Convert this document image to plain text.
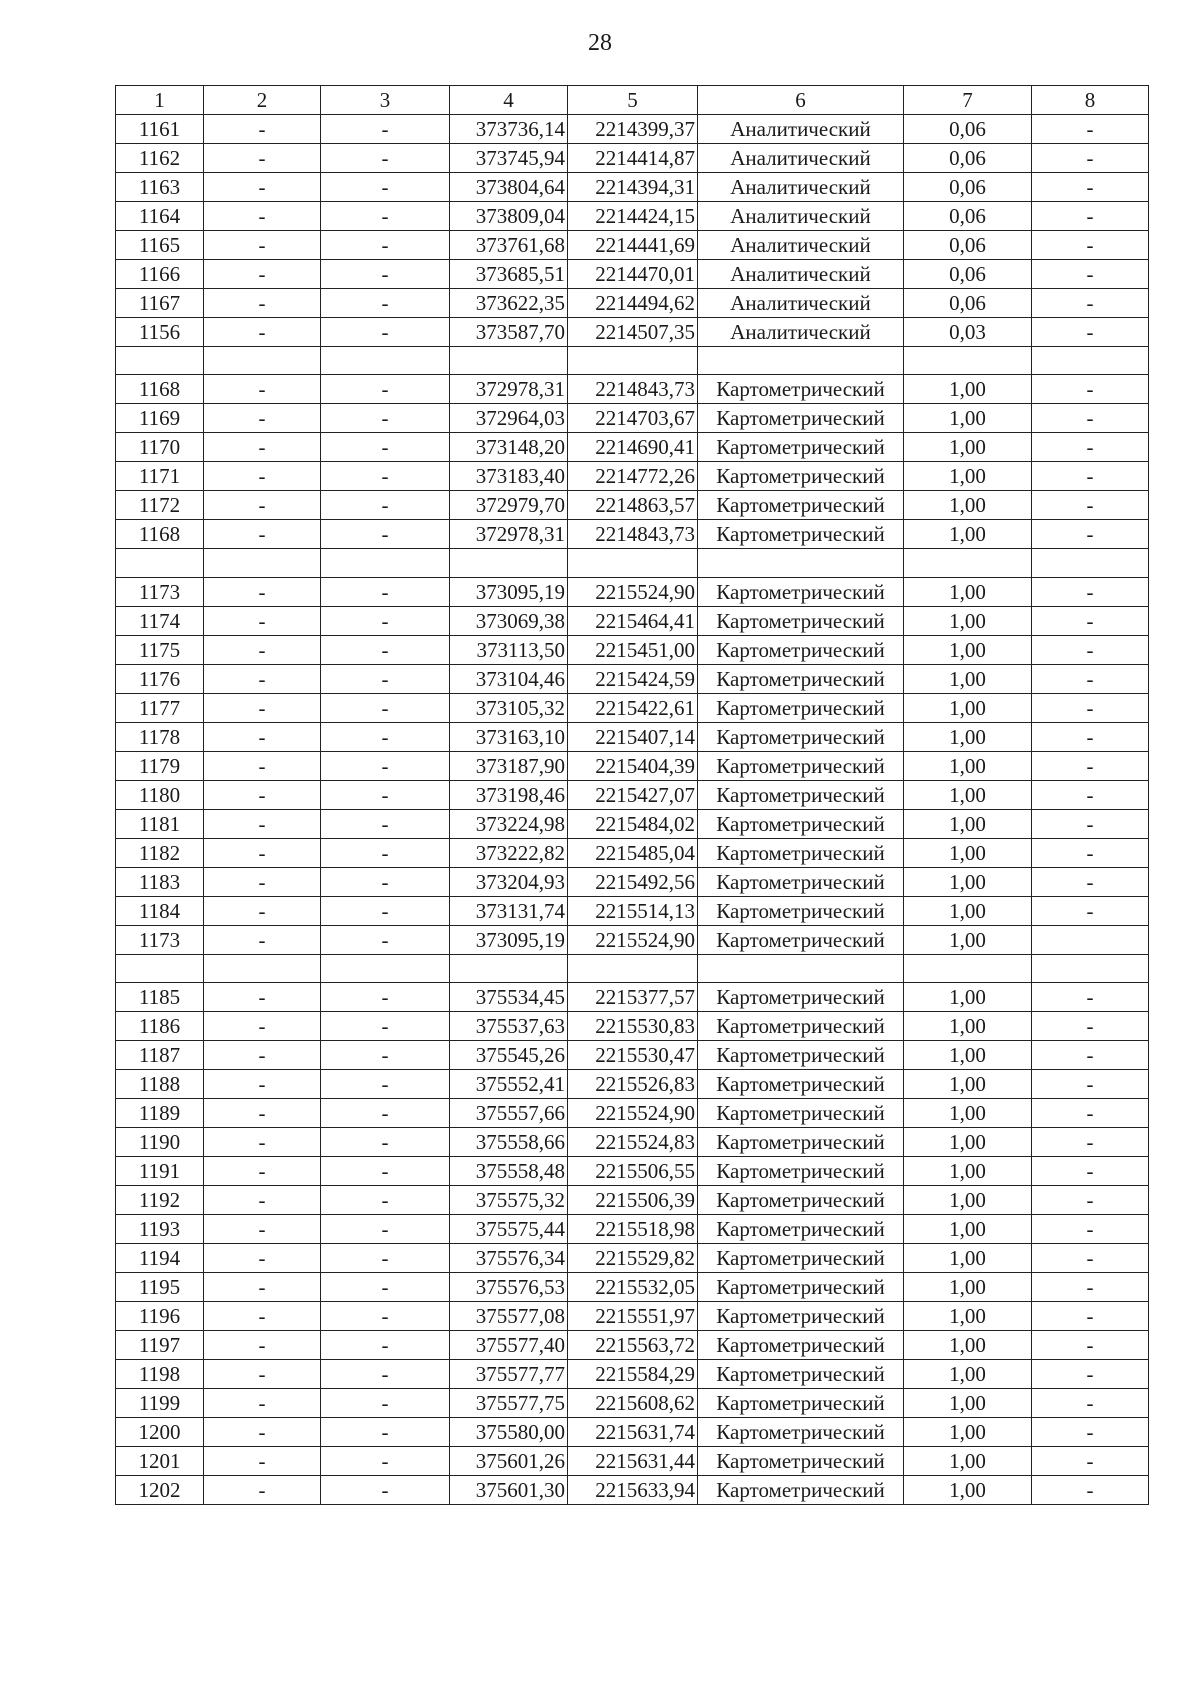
28
1	2	3	4	5	6	7	8
1161	-	-	373736,14	2214399,37	Аналитический	0,06	-
1162	-	-	373745,94	2214414,87	Аналитический	0,06	-
1163	-	-	373804,64	2214394,31	Аналитический	0,06	-
1164	-	-	373809,04	2214424,15	Аналитический	0,06	-
1165	-	-	373761,68	2214441,69	Аналитический	0,06	-
1166	-	-	373685,51	2214470,01	Аналитический	0,06	-
1167	-	-	373622,35	2214494,62	Аналитический	0,06	-
1156	-	-	373587,70	2214507,35	Аналитический	0,03	-

1168	-	-	372978,31	2214843,73	Картометрический	1,00	-
1169	-	-	372964,03	2214703,67	Картометрический	1,00	-
1170	-	-	373148,20	2214690,41	Картометрический	1,00	-
1171	-	-	373183,40	2214772,26	Картометрический	1,00	-
1172	-	-	372979,70	2214863,57	Картометрический	1,00	-
1168	-	-	372978,31	2214843,73	Картометрический	1,00	-

1173	-	-	373095,19	2215524,90	Картометрический	1,00	-
1174	-	-	373069,38	2215464,41	Картометрический	1,00	-
1175	-	-	373113,50	2215451,00	Картометрический	1,00	-
1176	-	-	373104,46	2215424,59	Картометрический	1,00	-
1177	-	-	373105,32	2215422,61	Картометрический	1,00	-
1178	-	-	373163,10	2215407,14	Картометрический	1,00	-
1179	-	-	373187,90	2215404,39	Картометрический	1,00	-
1180	-	-	373198,46	2215427,07	Картометрический	1,00	-
1181	-	-	373224,98	2215484,02	Картометрический	1,00	-
1182	-	-	373222,82	2215485,04	Картометрический	1,00	-
1183	-	-	373204,93	2215492,56	Картометрический	1,00	-
1184	-	-	373131,74	2215514,13	Картометрический	1,00	-
1173	-	-	373095,19	2215524,90	Картометрический	1,00	

1185	-	-	375534,45	2215377,57	Картометрический	1,00	-
1186	-	-	375537,63	2215530,83	Картометрический	1,00	-
1187	-	-	375545,26	2215530,47	Картометрический	1,00	-
1188	-	-	375552,41	2215526,83	Картометрический	1,00	-
1189	-	-	375557,66	2215524,90	Картометрический	1,00	-
1190	-	-	375558,66	2215524,83	Картометрический	1,00	-
1191	-	-	375558,48	2215506,55	Картометрический	1,00	-
1192	-	-	375575,32	2215506,39	Картометрический	1,00	-
1193	-	-	375575,44	2215518,98	Картометрический	1,00	-
1194	-	-	375576,34	2215529,82	Картометрический	1,00	-
1195	-	-	375576,53	2215532,05	Картометрический	1,00	-
1196	-	-	375577,08	2215551,97	Картометрический	1,00	-
1197	-	-	375577,40	2215563,72	Картометрический	1,00	-
1198	-	-	375577,77	2215584,29	Картометрический	1,00	-
1199	-	-	375577,75	2215608,62	Картометрический	1,00	-
1200	-	-	375580,00	2215631,74	Картометрический	1,00	-
1201	-	-	375601,26	2215631,44	Картометрический	1,00	-
1202	-	-	375601,30	2215633,94	Картометрический	1,00	-
